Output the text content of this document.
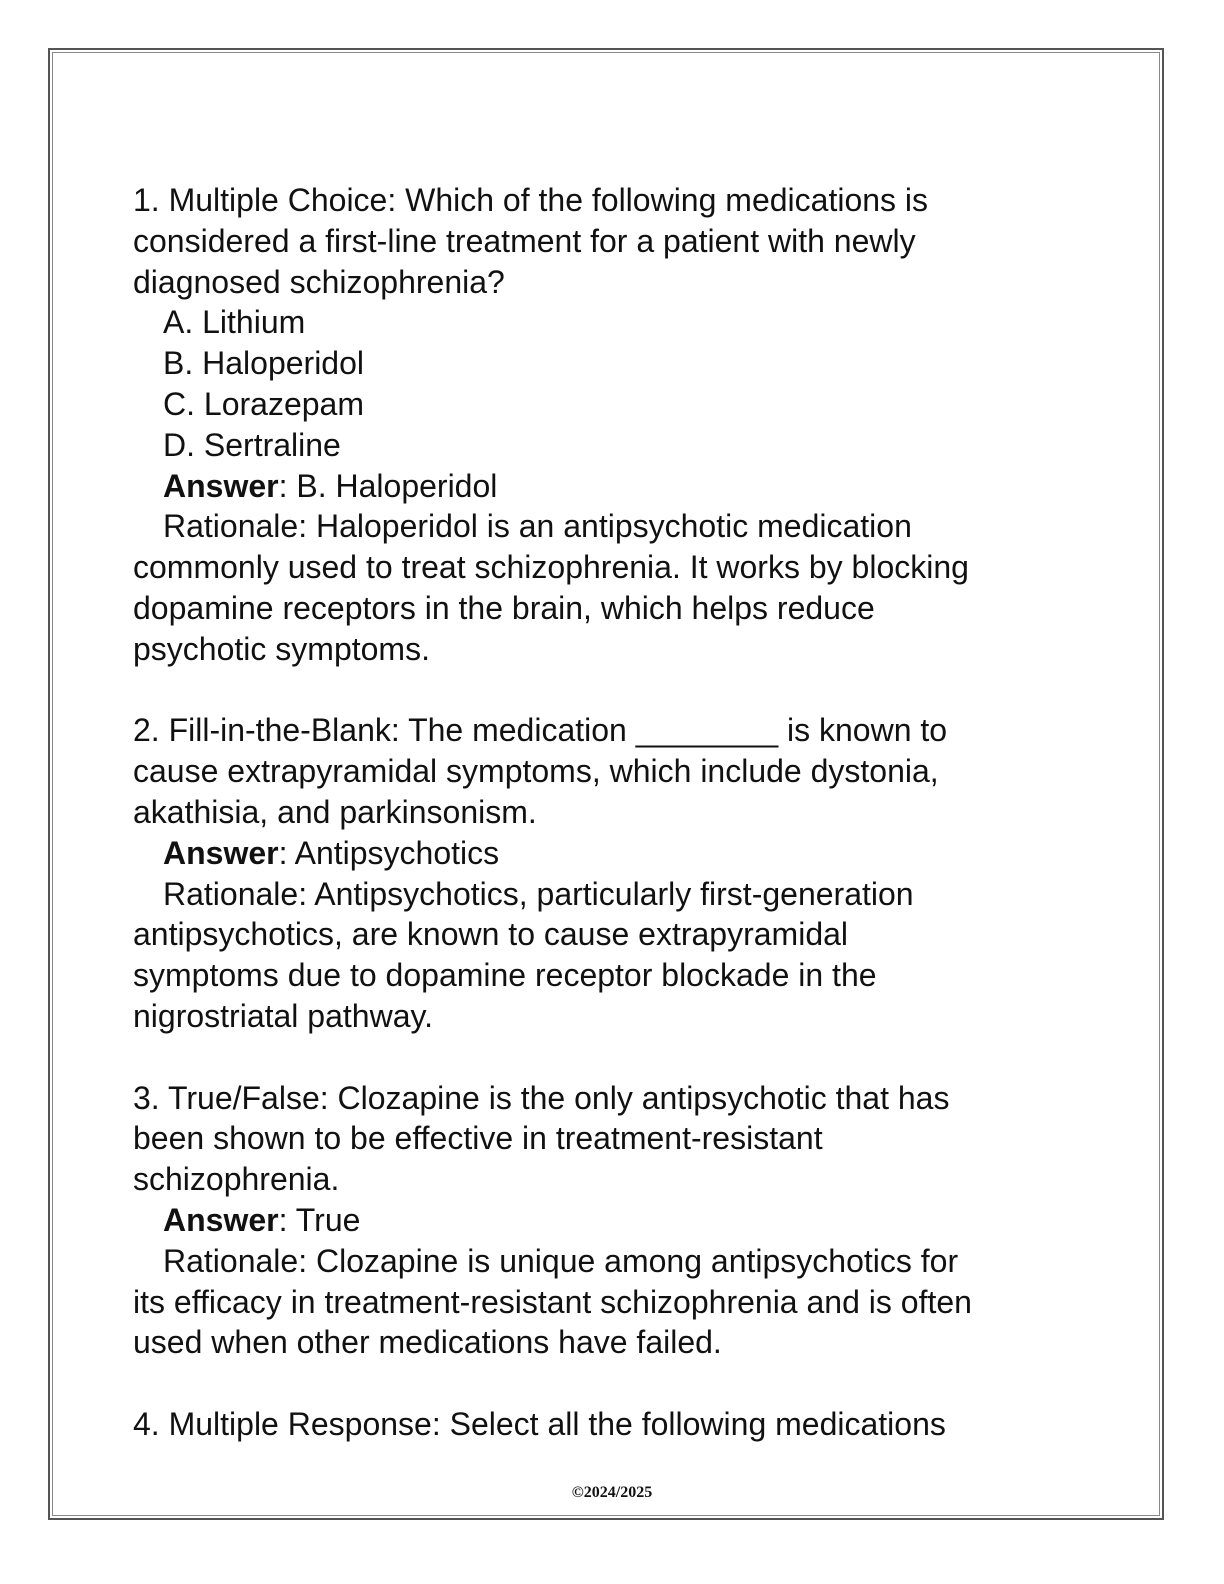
1. Multiple Choice: Which of the following medications is
considered a first-line treatment for a patient with newly
diagnosed schizophrenia?
A. Lithium
B. Haloperidol
C. Lorazepam
D. Sertraline
Answer: B. Haloperidol
Rationale: Haloperidol is an antipsychotic medication
commonly used to treat schizophrenia. It works by blocking
dopamine receptors in the brain, which helps reduce
psychotic symptoms.
2. Fill-in-the-Blank: The medication ________ is known to
cause extrapyramidal symptoms, which include dystonia,
akathisia, and parkinsonism.
Answer: Antipsychotics
Rationale: Antipsychotics, particularly first-generation
antipsychotics, are known to cause extrapyramidal
symptoms due to dopamine receptor blockade in the
nigrostriatal pathway.
3. True/False: Clozapine is the only antipsychotic that has
been shown to be effective in treatment-resistant
schizophrenia.
Answer: True
Rationale: Clozapine is unique among antipsychotics for
its efficacy in treatment-resistant schizophrenia and is often
used when other medications have failed.
4. Multiple Response: Select all the following medications
©2024/2025
